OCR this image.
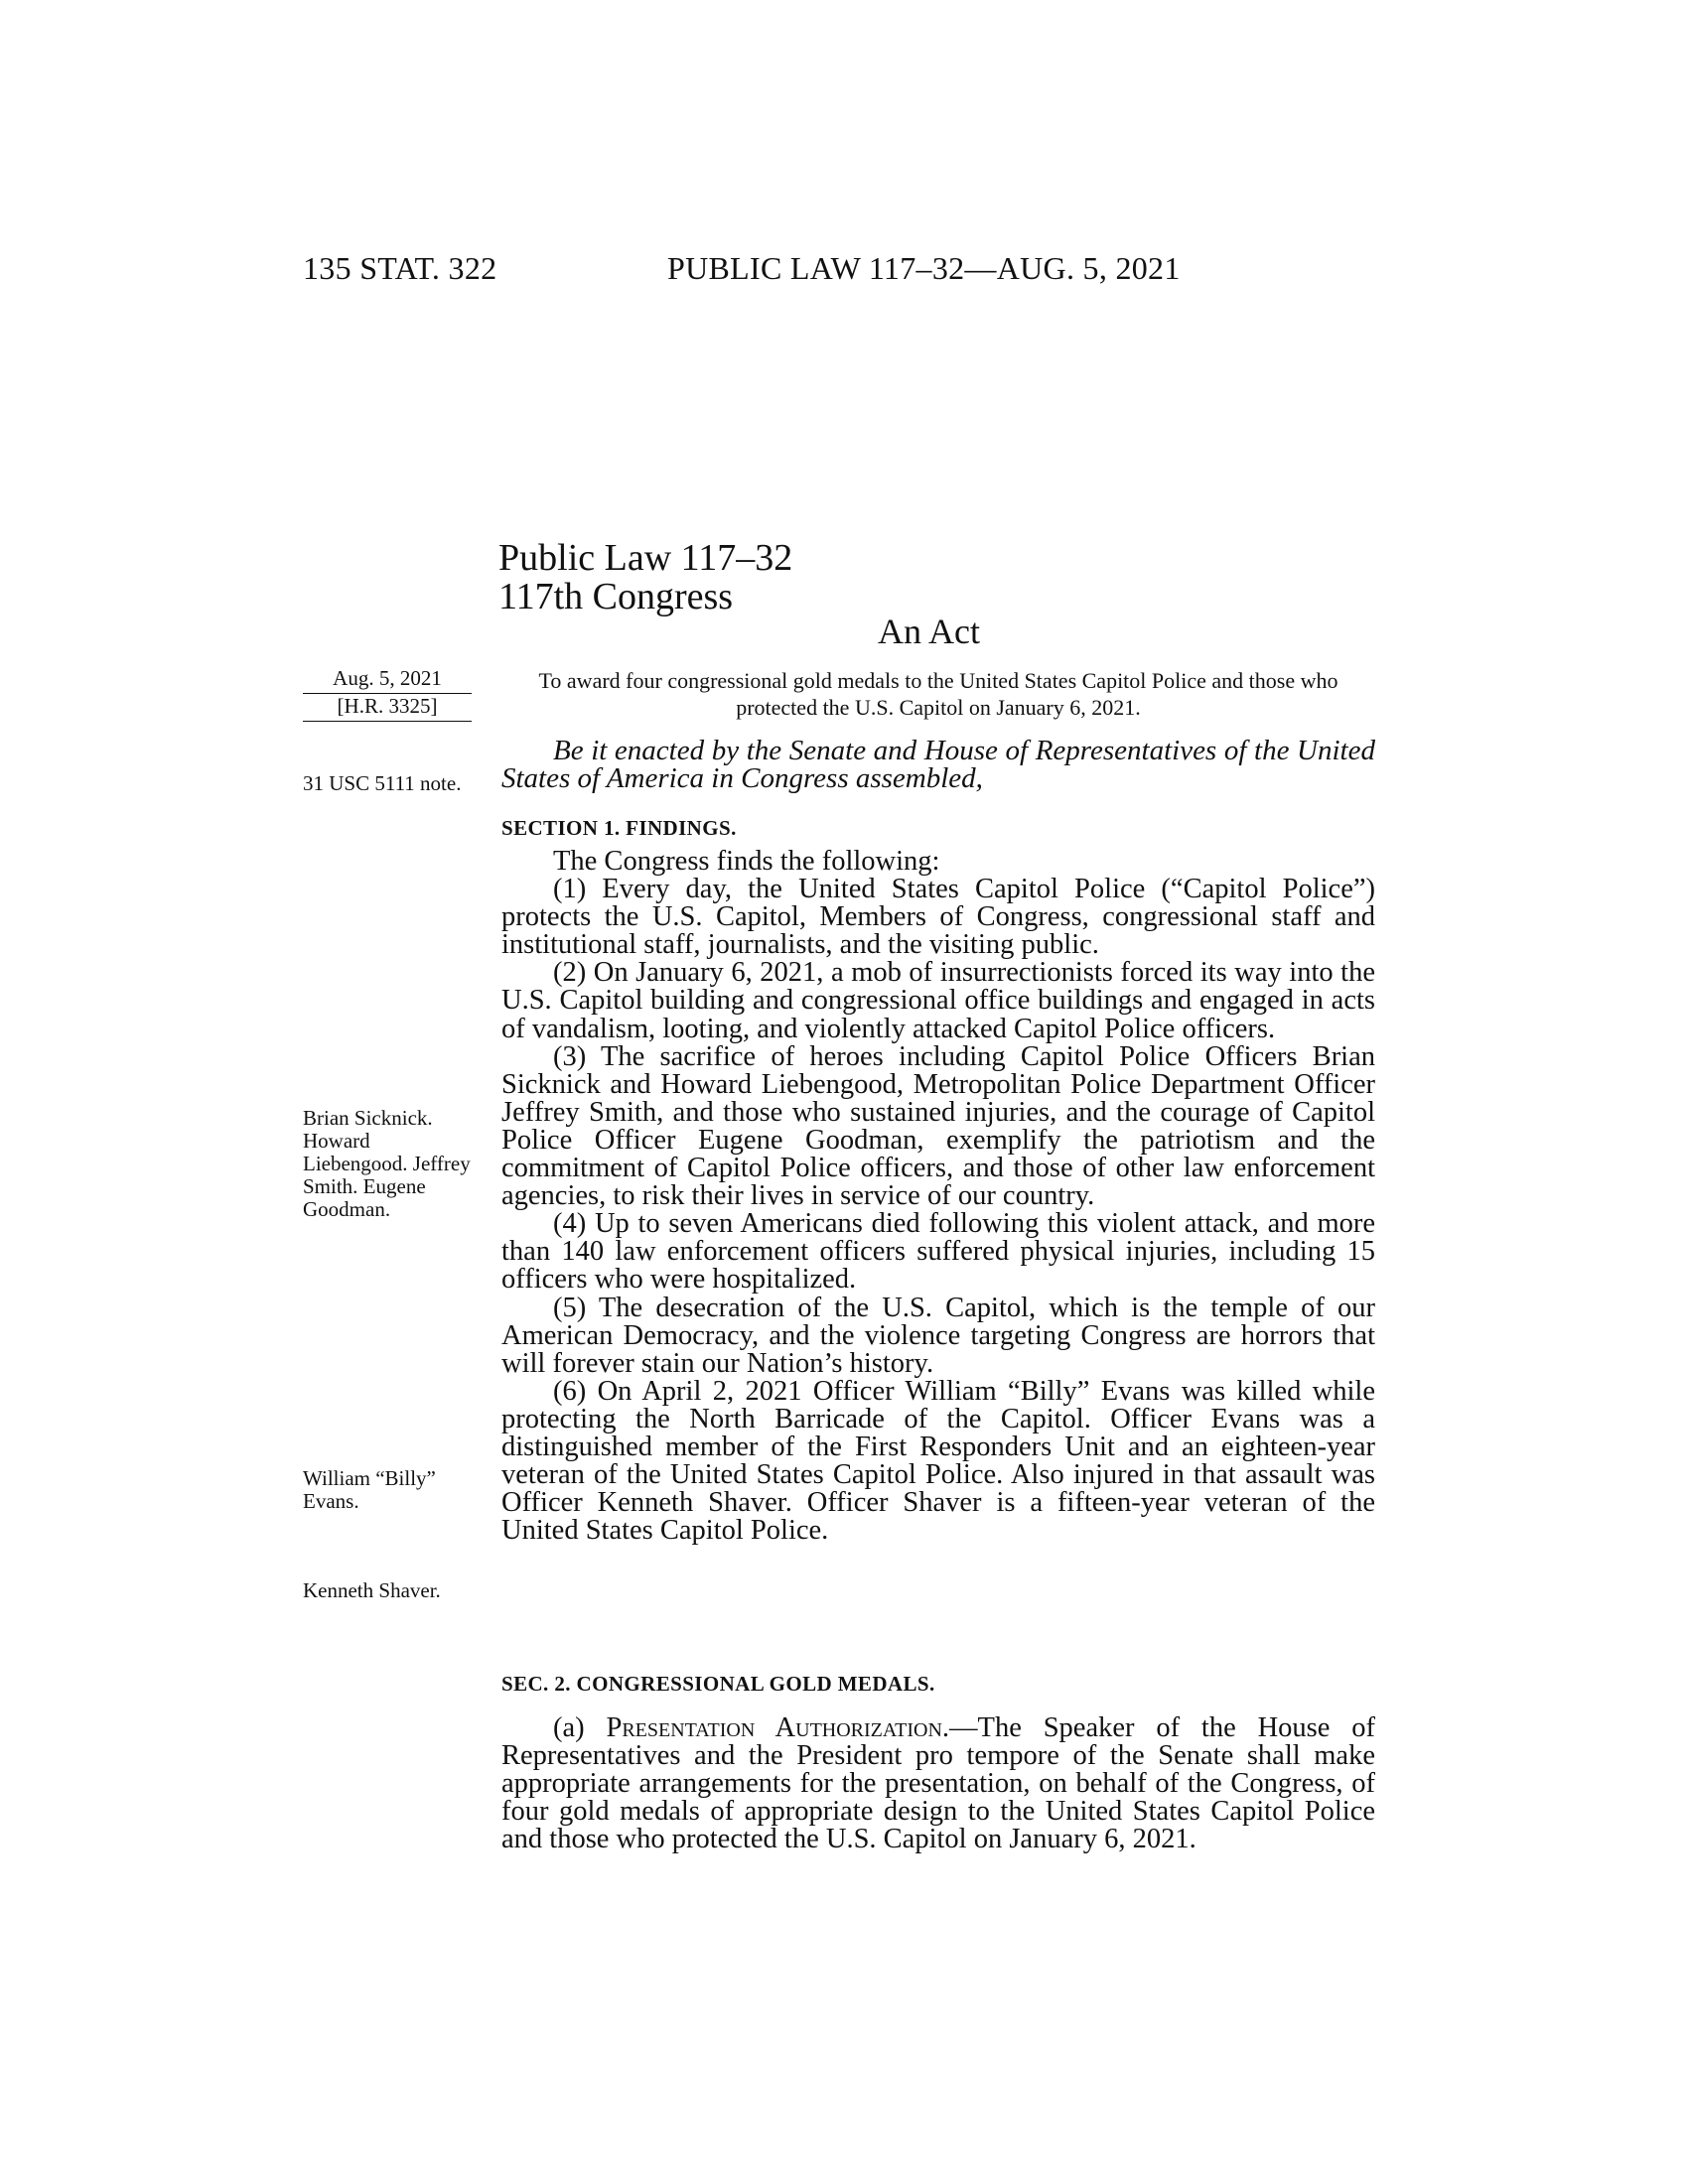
135 STAT. 322	PUBLIC LAW 117–32—AUG. 5, 2021
Public Law 117–32
117th Congress
An Act
Aug. 5, 2021
[H.R. 3325]
31 USC 5111 note.
Brian Sicknick. Howard Liebengood. Jeffrey Smith. Eugene Goodman.
William “Billy” Evans.
Kenneth Shaver.
To award four congressional gold medals to the United States Capitol Police and those who protected the U.S. Capitol on January 6, 2021.
Be it enacted by the Senate and House of Representatives of the United States of America in Congress assembled,
SECTION 1. FINDINGS.

The Congress finds the following:

(1) Every day, the United States Capitol Police (“Capitol Police”) protects the U.S. Capitol, Members of Congress, congressional staff and institutional staff, journalists, and the visiting public.

(2) On January 6, 2021, a mob of insurrectionists forced its way into the U.S. Capitol building and congressional office buildings and engaged in acts of vandalism, looting, and violently attacked Capitol Police officers.

(3) The sacrifice of heroes including Capitol Police Officers Brian Sicknick and Howard Liebengood, Metropolitan Police Department Officer Jeffrey Smith, and those who sustained injuries, and the courage of Capitol Police Officer Eugene Goodman, exemplify the patriotism and the commitment of Capitol Police officers, and those of other law enforcement agencies, to risk their lives in service of our country.

(4) Up to seven Americans died following this violent attack, and more than 140 law enforcement officers suffered physical injuries, including 15 officers who were hospitalized.

(5) The desecration of the U.S. Capitol, which is the temple of our American Democracy, and the violence targeting Congress are horrors that will forever stain our Nation’s history.

(6) On April 2, 2021 Officer William “Billy” Evans was killed while protecting the North Barricade of the Capitol. Officer Evans was a distinguished member of the First Responders Unit and an eighteen-year veteran of the United States Capitol Police. Also injured in that assault was Officer Kenneth Shaver. Officer Shaver is a fifteen-year veteran of the United States Capitol Police.

SEC. 2. CONGRESSIONAL GOLD MEDALS.

(a) Presentation Authorization.—The Speaker of the House of Representatives and the President pro tempore of the Senate shall make appropriate arrangements for the presentation, on behalf of the Congress, of four gold medals of appropriate design to the United States Capitol Police and those who protected the U.S. Capitol on January 6, 2021.
